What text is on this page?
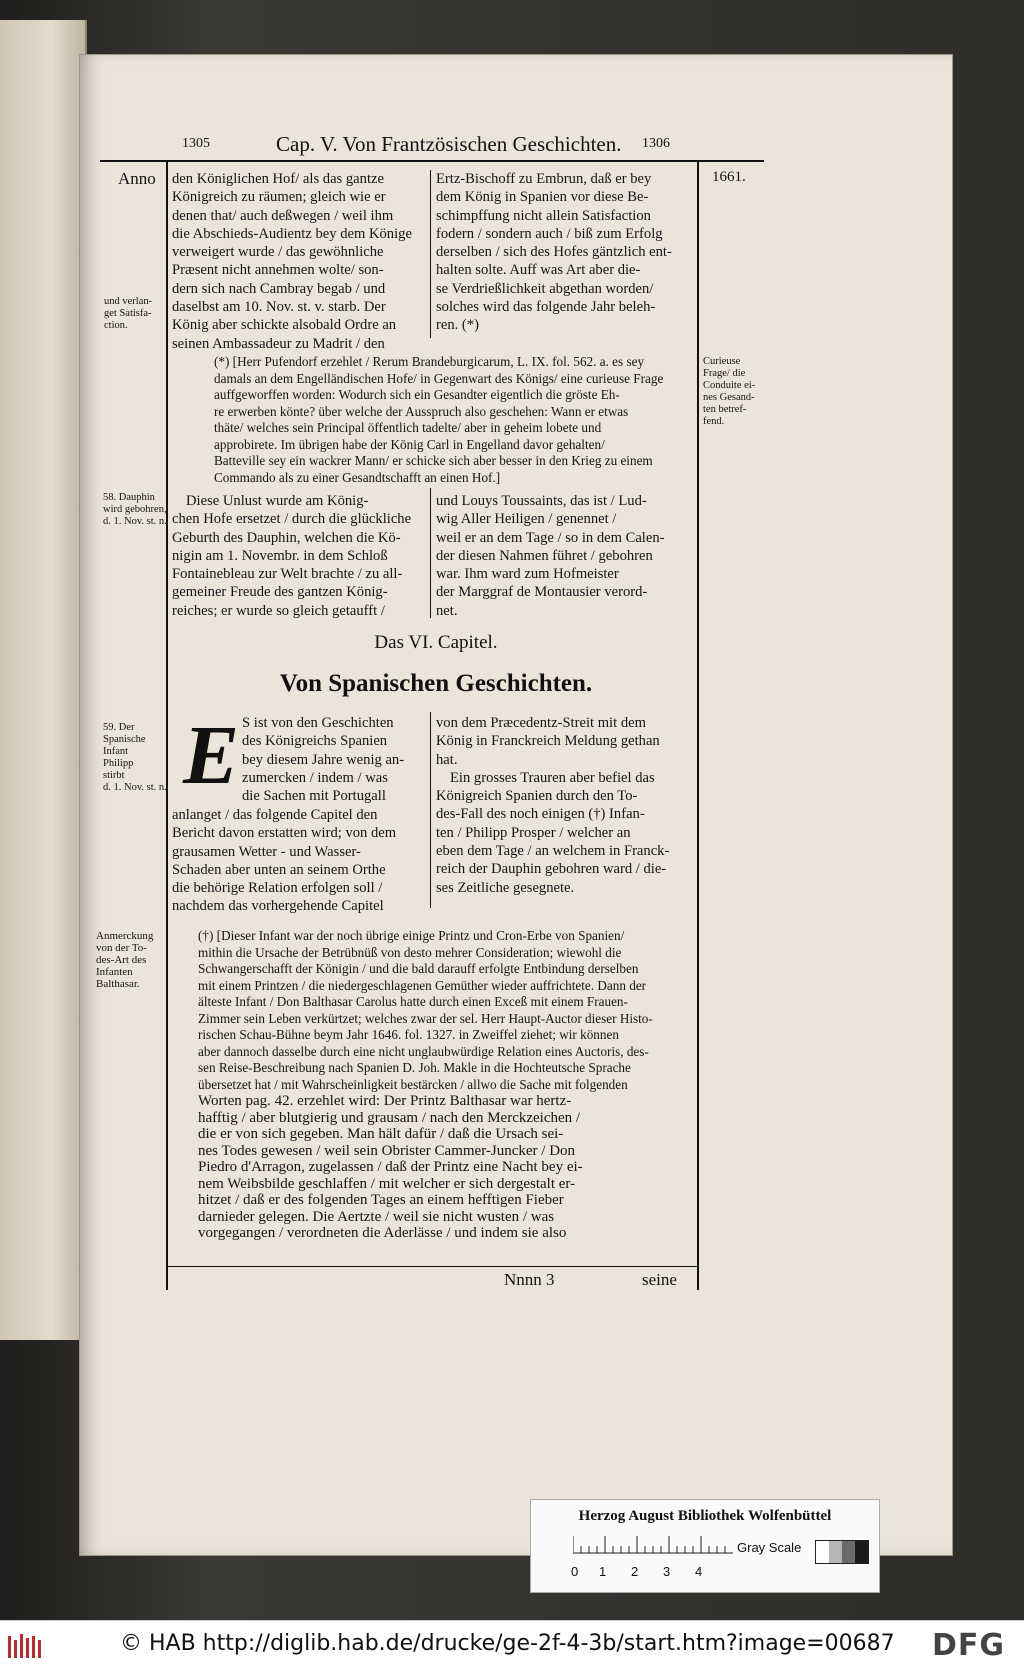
1305	Cap. V. Von Frantzösischen Geschichten. 1306
Anno	1661.
den Königlichen Hof/ als das gantze
Königreich zu räumen; gleich wie er
denen that/ auch deßwegen / weil ihm
die Abschieds-Audientz bey dem Könige
verweigert wurde / das gewöhnliche
Præsent nicht annehmen wolte/ son-
dern sich nach Cambray begab / und
daselbst am 10. Nov. st. v. starb. Der
König aber schickte alsobald Ordre an
seinen Ambassadeur zu Madrit / den
Ertz-Bischoff zu Embrun, daß er bey
dem König in Spanien vor diese Be-
schimpffung nicht allein Satisfaction
fodern / sondern auch / biß zum Erfolg
derselben / sich des Hofes gäntzlich ent-
halten solte. Auff was Art aber die-
se Verdrießlichkeit abgethan worden/
solches wird das folgende Jahr beleh-
ren. (*)
und verlan-
get Satisfa-
ction.
(*) [Herr Pufendorf erzehlet / Rerum Brandeburgicarum, L. IX. fol. 562. a. es sey
damals an dem Engelländischen Hofe/ in Gegenwart des Königs/ eine curieuse Frage
auffgeworffen worden: Wodurch sich ein Gesandter eigentlich die gröste Eh-
re erwerben könte? über welche der Ausspruch also geschehen: Wann er etwas
thäte/ welches sein Principal öffentlich tadelte/ aber in geheim lobete und
approbirete. Im übrigen habe der König Carl in Engelland davor gehalten/
Batteville sey ein wackrer Mann/ er schicke sich aber besser in den Krieg zu einem
Commando als zu einer Gesandtschafft an einen Hof.]
Curieuse
Frage/ die
Conduite ei-
nes Gesand-
ten betref-
fend.
58. Dauphin
wird gebohren,
d. 1. Nov. st. n.
Diese Unlust wurde am König-
chen Hofe ersetzet / durch die glückliche
Geburth des Dauphin, welchen die Kö-
nigin am 1. Novembr. in dem Schloß
Fontainebleau zur Welt brachte / zu all-
gemeiner Freude des gantzen König-
reiches; er wurde so gleich getaufft /
und Louys Toussaints, das ist / Lud-
wig Aller Heiligen / genennet /
weil er an dem Tage / so in dem Calen-
der diesen Nahmen führet / gebohren
war. Ihm ward zum Hofmeister
der Marggraf de Montausier verord-
net.
Das VI. Capitel.
Von Spanischen Geschichten.
59. Der
Spanische
Infant
Philipp
stirbt
d. 1. Nov. st. n. E S ist von den Geschichten
des Königreichs Spanien
bey diesem Jahre wenig an-
zumercken / indem / was
die Sachen mit Portugall
anlanget / das folgende Capitel den
Bericht davon erstatten wird; von dem
grausamen Wetter - und Wasser-
Schaden aber unten an seinem Orthe
die behörige Relation erfolgen soll /
nachdem das vorhergehende Capitel
von dem Præcedentz-Streit mit dem
König in Franckreich Meldung gethan
hat.
Ein grosses Trauren aber befiel das
Königreich Spanien durch den To-
des-Fall des noch einigen (†) Infan-
ten / Philipp Prosper / welcher an
eben dem Tage / an welchem in Franck-
reich der Dauphin gebohren ward / die-
ses Zeitliche gesegnete.
Anmerckung
von der To-
des-Art des
Infanten
Balthasar.
(†) [Dieser Infant war der noch übrige einige Printz und Cron-Erbe von Spanien/
mithin die Ursache der Betrübnüß von desto mehrer Consideration; wiewohl die
Schwangerschafft der Königin / und die bald darauff erfolgte Entbindung derselben
mit einem Printzen / die niedergeschlagenen Gemüther wieder auffrichtete. Dann der
älteste Infant / Don Balthasar Carolus hatte durch einen Exceß mit einem Frauen-
Zimmer sein Leben verkürtzet; welches zwar der sel. Herr Haupt-Auctor dieser Histo-
rischen Schau-Bühne beym Jahr 1646. fol. 1327. in Zweiffel ziehet; wir können
aber dannoch dasselbe durch eine nicht unglaubwürdige Relation eines Auctoris, des-
sen Reise-Beschreibung nach Spanien D. Joh. Makle in die Hochteutsche Sprache
übersetzet hat / mit Wahrscheinligkeit bestärcken / allwo die Sache mit folgenden
Worten pag. 42. erzehlet wird: Der Printz Balthasar war hertz-
hafftig / aber blutgierig und grausam / nach den Merckzeichen /
die er von sich gegeben. Man hält dafür / daß die Ursach sei-
nes Todes gewesen / weil sein Obrister Cammer-Juncker / Don
Piedro d'Arragon, zugelassen / daß der Printz eine Nacht bey ei-
nem Weibsbilde geschlaffen / mit welcher er sich dergestalt er-
hitzet / daß er des folgenden Tages an einem hefftigen Fieber
darnieder gelegen. Die Aertzte / weil sie nicht wusten / was
vorgegangen / verordneten die Aderlässe / und indem sie also
Nnnn 3	seine
Herzog August Bibliothek Wolfenbüttel
0	1	2	3	4
Gray Scale
© HAB http://diglib.hab.de/drucke/ge-2f-4-3b/start.htm?image=00687 DFG
